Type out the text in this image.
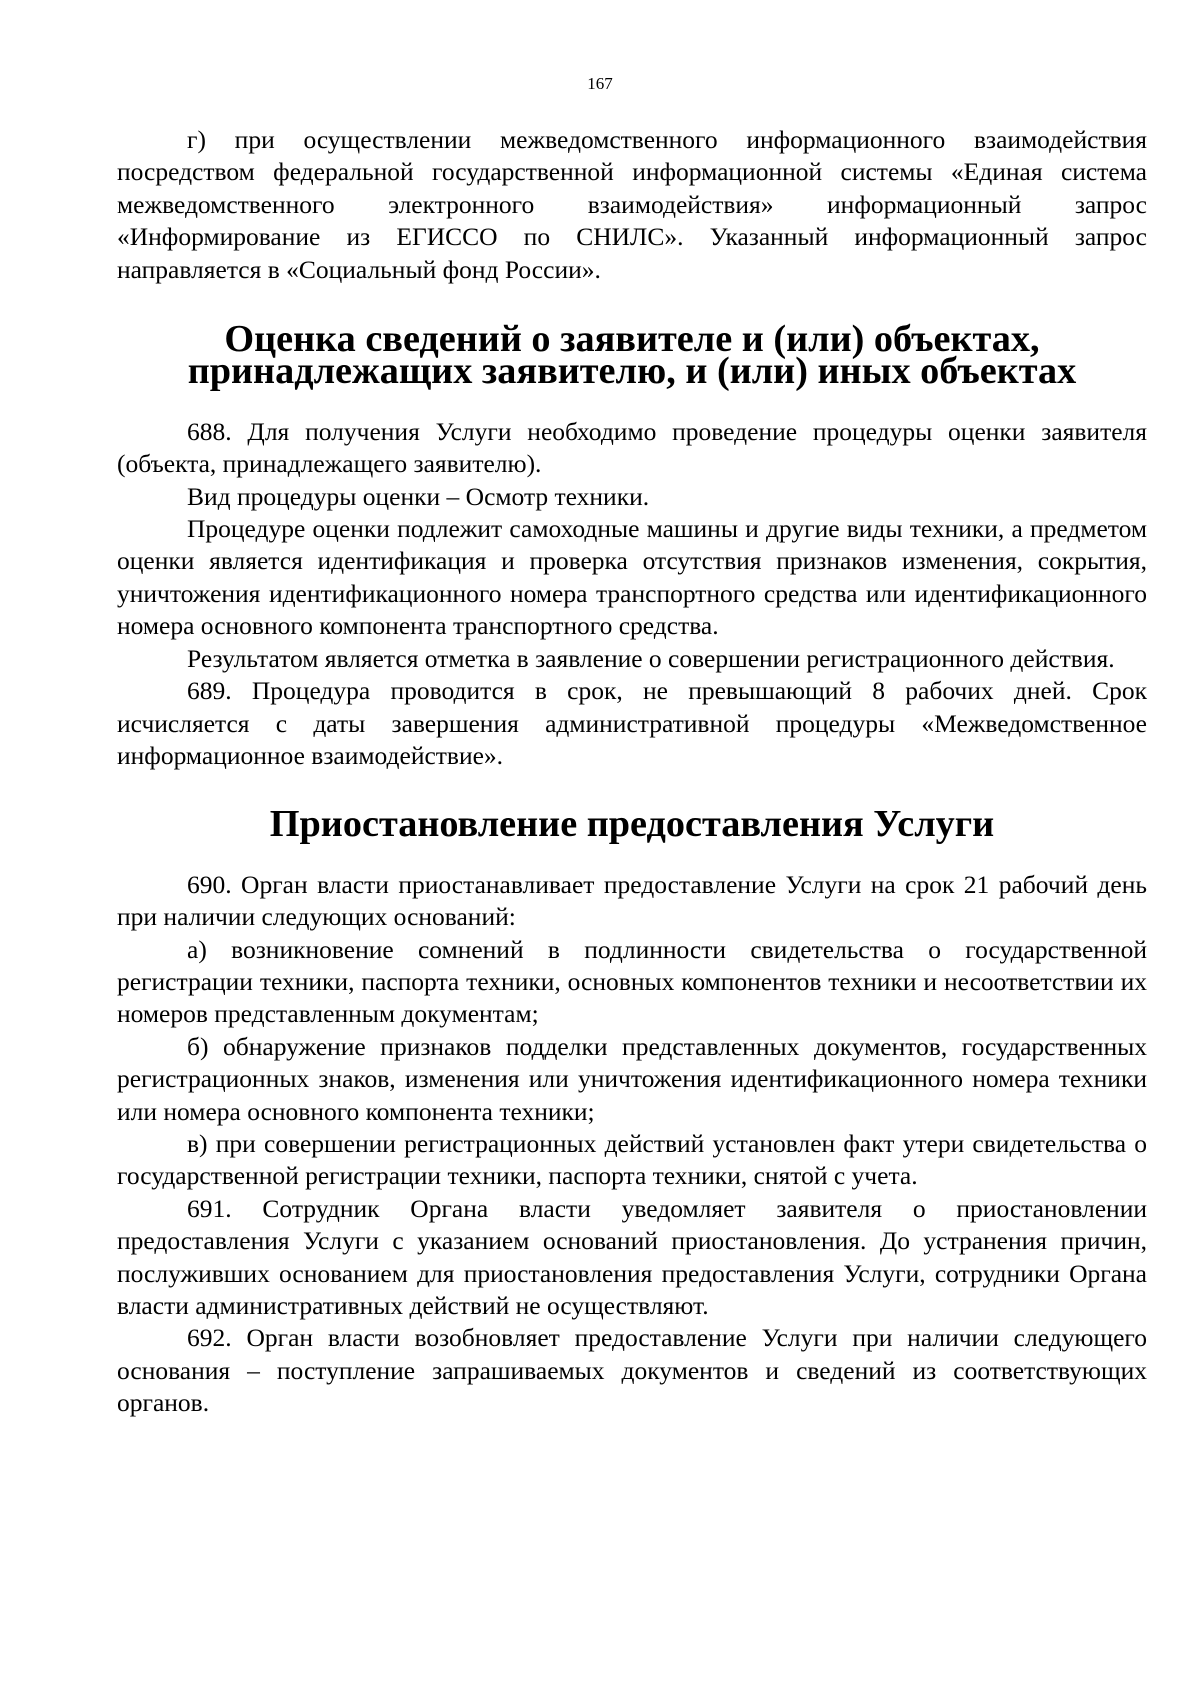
167

г) при осуществлении межведомственного информационного взаимодействия посредством федеральной государственной информационной системы «Единая система межведомственного электронного взаимодействия» информационный запрос «Информирование из ЕГИССО по СНИЛС». Указанный информационный запрос направляется в «Социальный фонд России».

Оценка сведений о заявителе и (или) объектах, принадлежащих заявителю, и (или) иных объектах

688. Для получения Услуги необходимо проведение процедуры оценки заявителя (объекта, принадлежащего заявителю).

Вид процедуры оценки – Осмотр техники.

Процедуре оценки подлежит самоходные машины и другие виды техники, а предметом оценки является идентификация и проверка отсутствия признаков изменения, сокрытия, уничтожения идентификационного номера транспортного средства или идентификационного номера основного компонента транспортного средства.

Результатом является отметка в заявление о совершении регистрационного действия.

689. Процедура проводится в срок, не превышающий 8 рабочих дней. Срок исчисляется с даты завершения административной процедуры «Межведомственное информационное взаимодействие».

Приостановление предоставления Услуги

690. Орган власти приостанавливает предоставление Услуги на срок 21 рабочий день при наличии следующих оснований:

а) возникновение сомнений в подлинности свидетельства о государственной регистрации техники, паспорта техники, основных компонентов техники и несоответствии их номеров представленным документам;

б) обнаружение признаков подделки представленных документов, государственных регистрационных знаков, изменения или уничтожения идентификационного номера техники или номера основного компонента техники;

в) при совершении регистрационных действий установлен факт утери свидетельства о государственной регистрации техники, паспорта техники, снятой с учета.

691. Сотрудник Органа власти уведомляет заявителя о приостановлении предоставления Услуги с указанием оснований приостановления. До устранения причин, послуживших основанием для приостановления предоставления Услуги, сотрудники Органа власти административных действий не осуществляют.

692. Орган власти возобновляет предоставление Услуги при наличии следующего основания – поступление запрашиваемых документов и сведений из соответствующих органов.
